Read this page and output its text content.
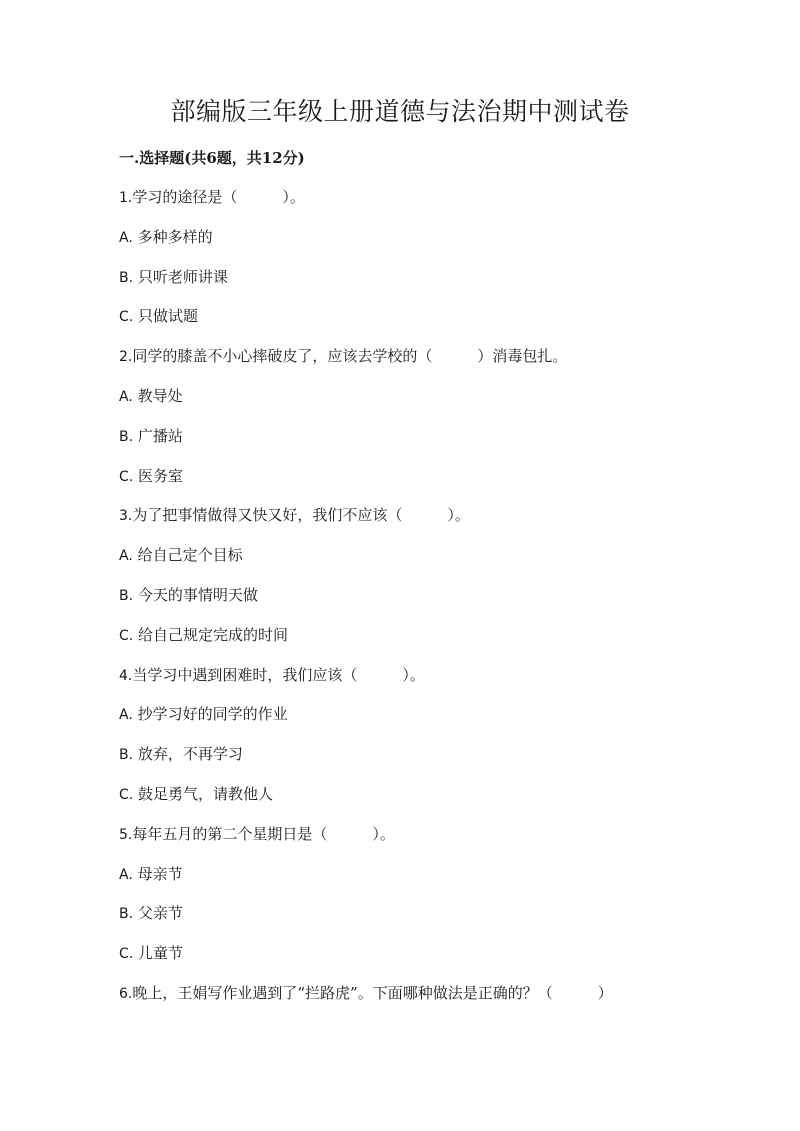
部编版三年级上册道德与法治期中测试卷
一.选择题(共6题，共12分)
1.学习的途径是（　　　）。
A. 多种多样的
B. 只听老师讲课
C. 只做试题
2.同学的膝盖不小心摔破皮了，应该去学校的（　　　）消毒包扎。
A. 教导处
B. 广播站
C. 医务室
3.为了把事情做得又快又好，我们不应该（　　　）。
A. 给自己定个目标
B. 今天的事情明天做
C. 给自己规定完成的时间
4.当学习中遇到困难时，我们应该（　　　）。
A. 抄学习好的同学的作业
B. 放弃，不再学习
C. 鼓足勇气，请教他人
5.每年五月的第二个星期日是（　　　）。
A. 母亲节
B. 父亲节
C. 儿童节
6.晚上，王娟写作业遇到了“拦路虎”。下面哪种做法是正确的？（　　　）
